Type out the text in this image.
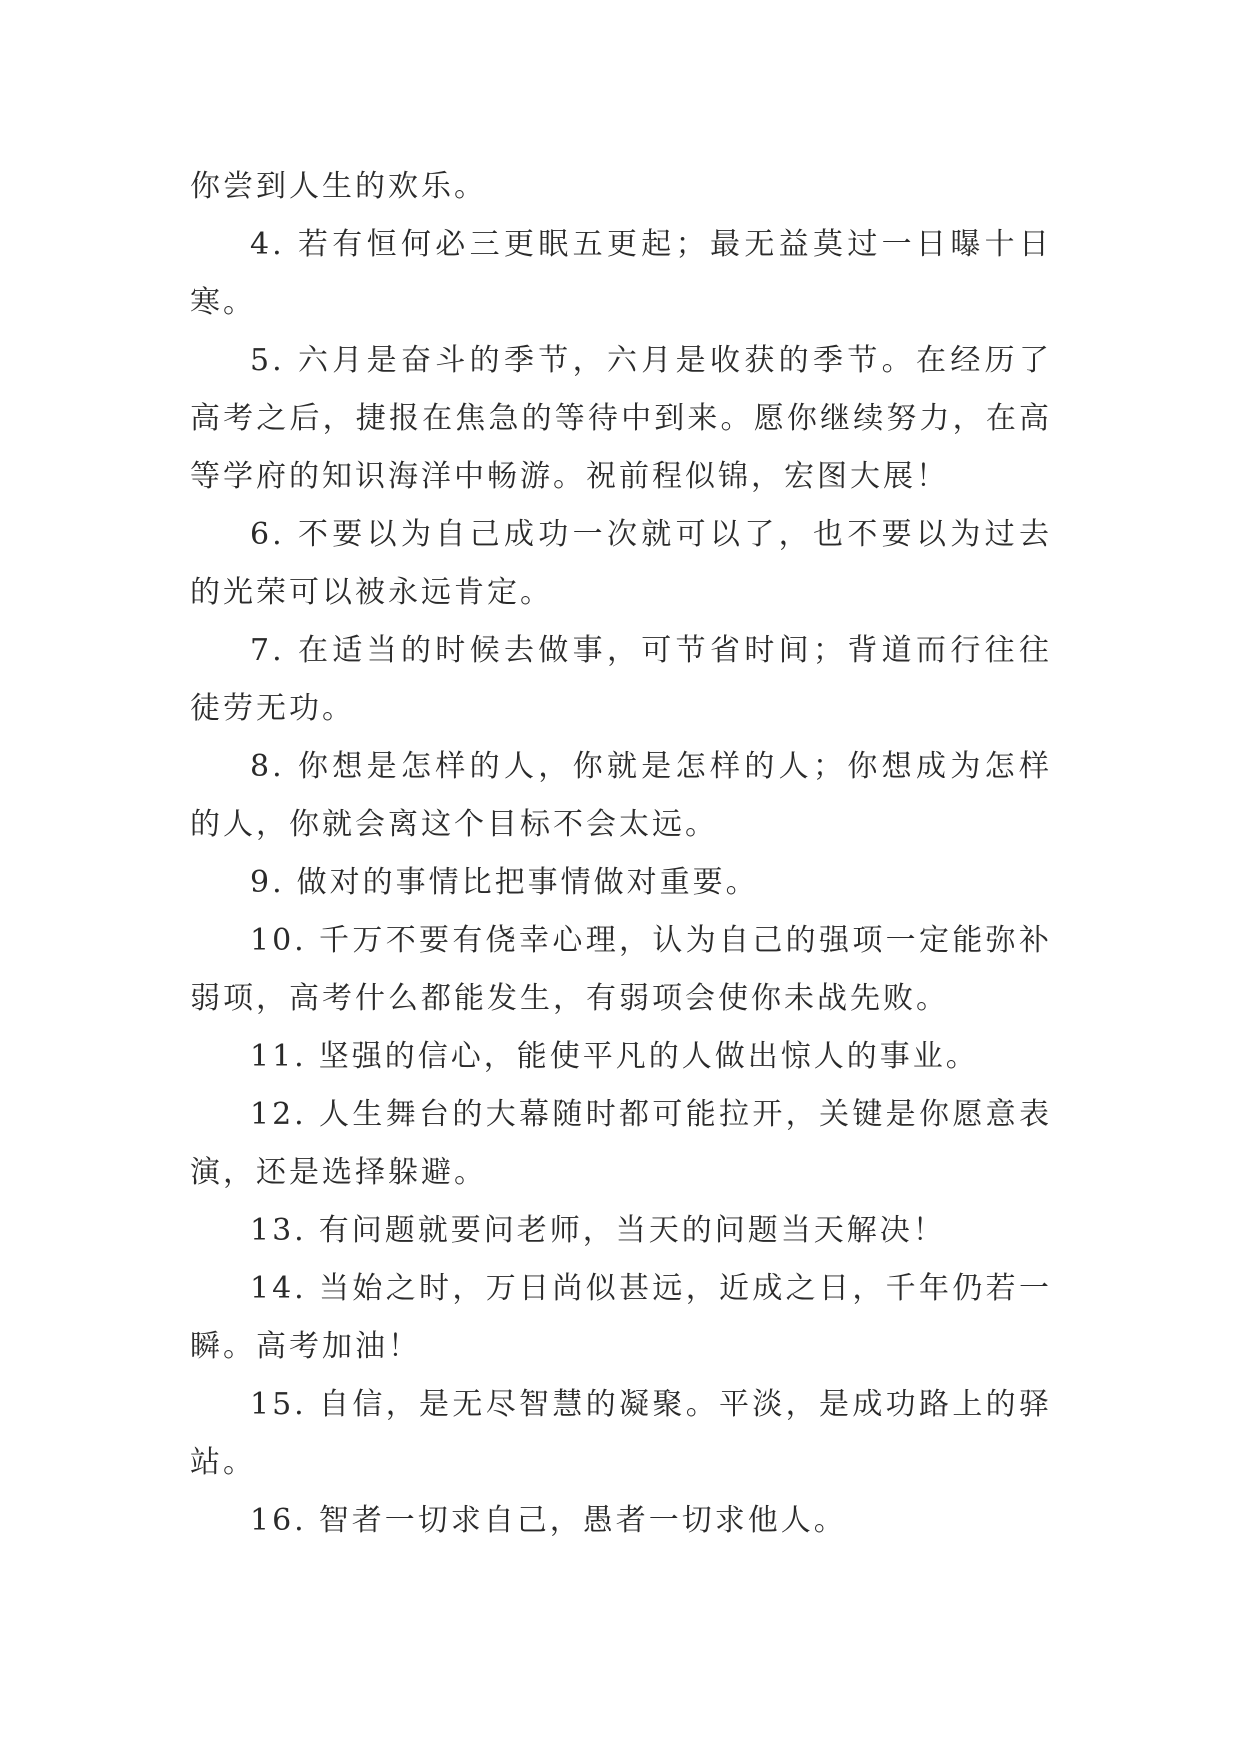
你尝到人生的欢乐。

4. 若有恒何必三更眠五更起；最无益莫过一日曝十日寒。

5. 六月是奋斗的季节，六月是收获的季节。在经历了高考之后，捷报在焦急的等待中到来。愿你继续努力，在高等学府的知识海洋中畅游。祝前程似锦，宏图大展！

6. 不要以为自己成功一次就可以了，也不要以为过去的光荣可以被永远肯定。

7. 在适当的时候去做事，可节省时间；背道而行往往徒劳无功。

8. 你想是怎样的人，你就是怎样的人；你想成为怎样的人，你就会离这个目标不会太远。

9. 做对的事情比把事情做对重要。

10. 千万不要有侥幸心理，认为自己的强项一定能弥补弱项，高考什么都能发生，有弱项会使你未战先败。

11. 坚强的信心，能使平凡的人做出惊人的事业。

12. 人生舞台的大幕随时都可能拉开，关键是你愿意表演，还是选择躲避。

13. 有问题就要问老师，当天的问题当天解决！

14. 当始之时，万日尚似甚远，近成之日，千年仍若一瞬。高考加油！

15. 自信，是无尽智慧的凝聚。平淡，是成功路上的驿站。

16. 智者一切求自己，愚者一切求他人。
